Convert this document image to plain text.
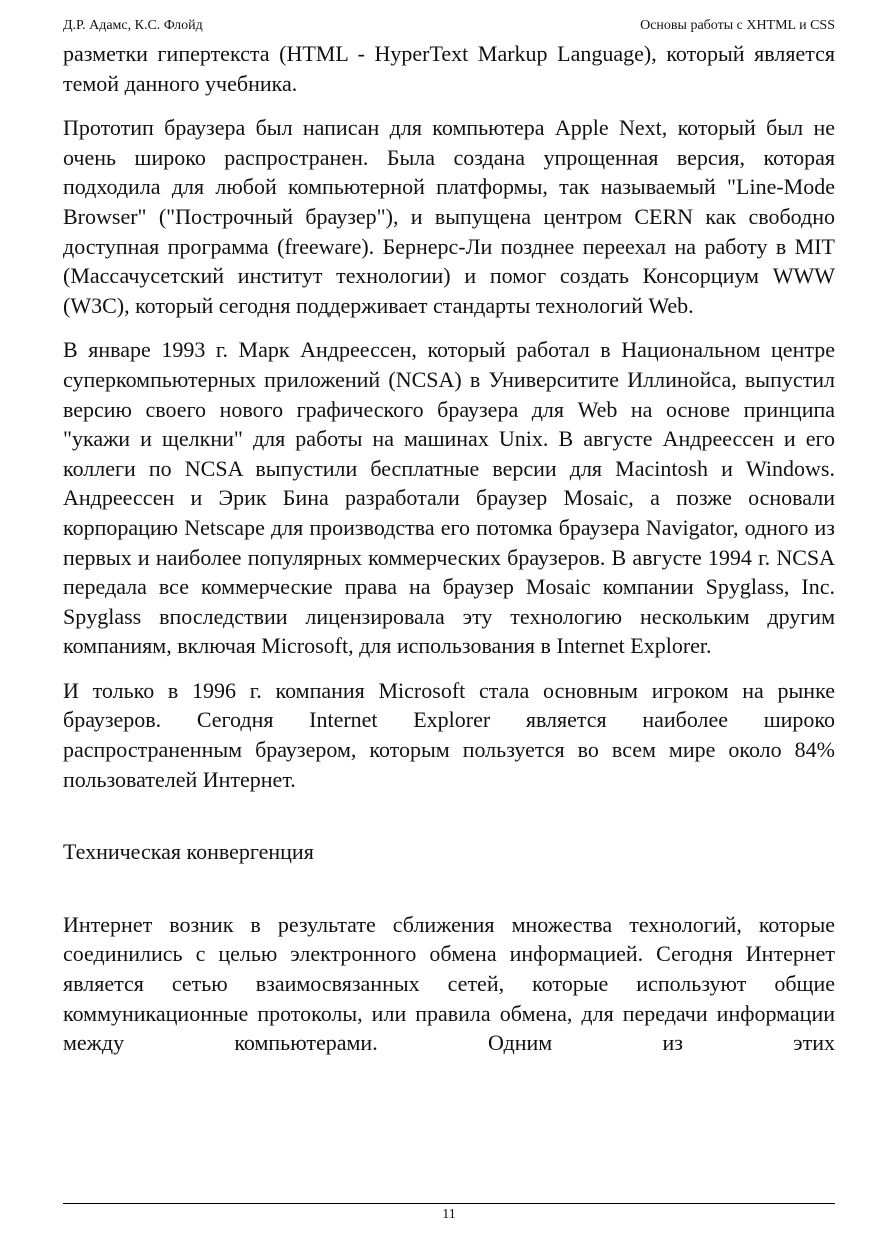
Д.Р. Адамс, К.С. Флойд	Основы работы с XHTML и CSS

разметки гипертекста (HTML - HyperText Markup Language), который является темой данного учебника.

Прототип браузера был написан для компьютера Apple Next, который был не очень широко распространен. Была создана упрощенная версия, которая подходила для любой компьютерной платформы, так называемый "Line-Mode Browser" ("Построчный браузер"), и выпущена центром CERN как свободно доступная программа (freeware). Бернерс-Ли позднее переехал на работу в MIT (Массачусетский институт технологии) и помог создать Консорциум WWW (W3C), который сегодня поддерживает стандарты технологий Web.

В январе 1993 г. Марк Андреессен, который работал в Национальном центре суперкомпьютерных приложений (NCSA) в Университите Иллинойса, выпустил версию своего нового графического браузера для Web на основе принципа "укажи и щелкни" для работы на машинах Unix. В августе Андреессен и его коллеги по NCSA выпустили бесплатные версии для Macintosh и Windows. Андреессен и Эрик Бина разработали браузер Mosaic, а позже основали корпорацию Netscape для производства его потомка браузера Navigator, одного из первых и наиболее популярных коммерческих браузеров. В августе 1994 г. NCSA передала все коммерческие права на браузер Mosaic компании Spyglass, Inc. Spyglass впоследствии лицензировала эту технологию нескольким другим компаниям, включая Microsoft, для использования в Internet Explorer.

И только в 1996 г. компания Microsoft стала основным игроком на рынке браузеров. Сегодня Internet Explorer является наиболее широко распространенным браузером, которым пользуется во всем мире около 84% пользователей Интернет.

Техническая конвергенция

Интернет возник в результате сближения множества технологий, которые соединились с целью электронного обмена информацией. Сегодня Интернет является сетью взаимосвязанных сетей, которые используют общие коммуникационные протоколы, или правила обмена, для передачи информации между компьютерами. Одним из этих

11
